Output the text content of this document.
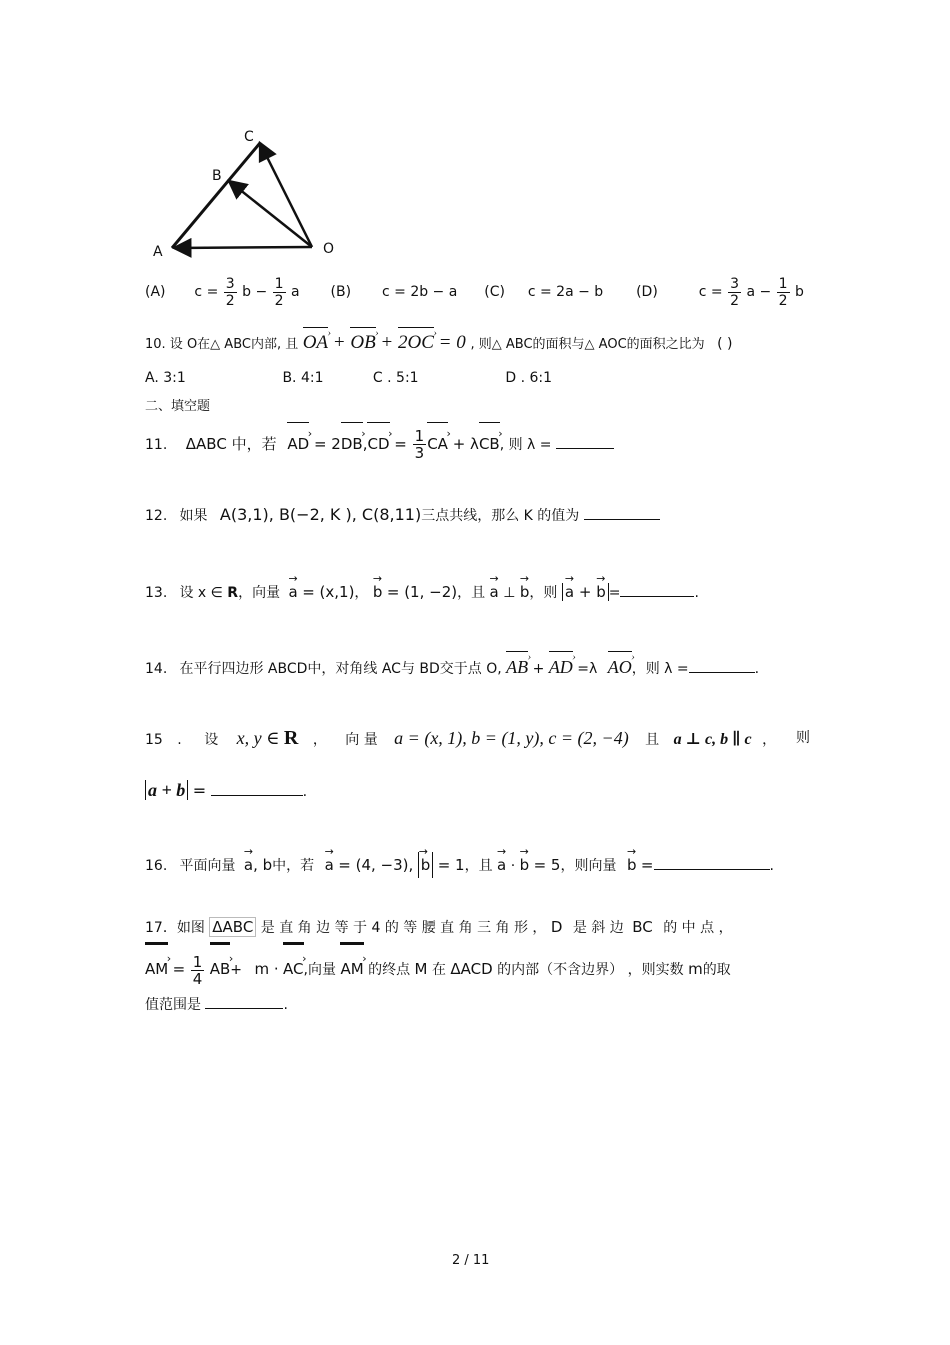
C
B
A	O
(A) $c = \frac{3}{2}$ $b - \frac{1}{2}$ a (B) c = 2b − a (C) c = 2a − b (D)	$c = \frac{3}{2}$ $a - \frac{1}{2}$ b
10. 设 O在△ ABC内部, 且 OA › + OB › + 2OC › = 0 , 则△ ABC的面积与△ AOC的面积之比为 ( )
A. 3:1	B. 4:1	C . 5:1	D . 6:1
二、填空题
11. ΔABC 中，若 AD › = 2DB ›,CD › = $\frac{1}{3}$ CA › + λCB ›, 则 λ =
12. 如果 A(3,1), B(−2, K ), C(8,11)三点共线，那么 K 的值为
13. 设 x ∈ R，向量 → a = (x,1)， → b = (1, −2)，且 → a ⊥ → b，则 → a + → b =	.
14. 在平行四边形 ABCD中，对角线 AC与 BD交于点 O, AB › + AD › =λ AO ›，则 λ =	.
15 . 设 x, y ∈ R ， 向 量 a = (x, 1), b = (1, y), c = (2, −4) 且 a ⊥ c, b ∥ c ， 则
a + b =	.
16. 平面向量 → a, b中，若 → a = (4, −3), → b = 1，且 → a · → b = 5，则向量 → b =	.
17．如图 ΔABC 是 直 角 边 等 于 4 的 等 腰 直 角 三 角 形 ， D 是 斜 边 BC 的 中 点 ，
AM › = $\frac{1}{4}$ AB ›+ m · AC ›,向量 AM › 的终点 M 在 ΔACD 的内部（不含边界） ，则实数 m的取
值范围是	.
2 / 11
